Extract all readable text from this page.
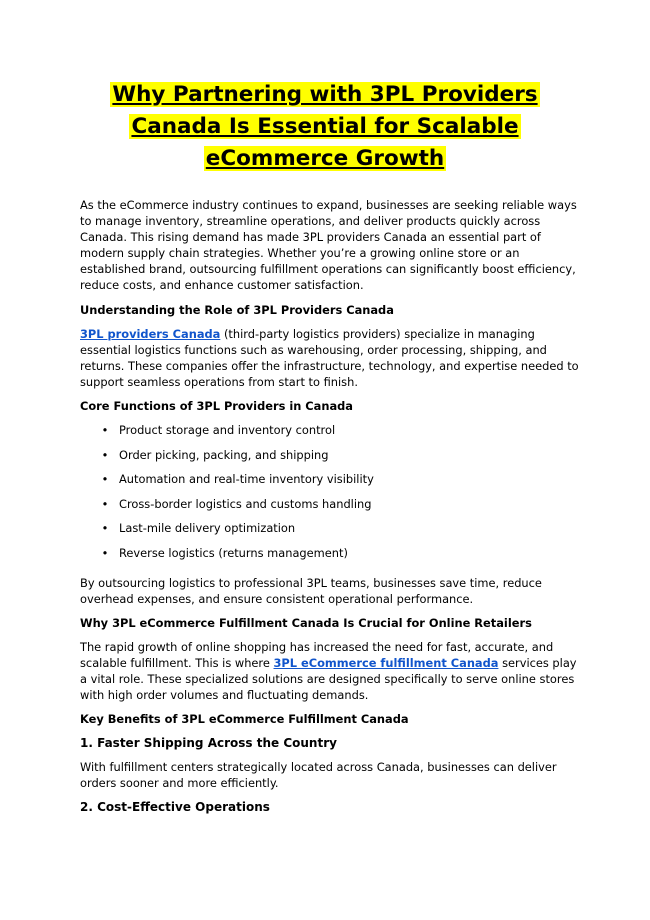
Why Partnering with 3PL Providers
Canada Is Essential for Scalable
eCommerce Growth

As the eCommerce industry continues to expand, businesses are seeking reliable ways to manage inventory, streamline operations, and deliver products quickly across Canada. This rising demand has made 3PL providers Canada an essential part of modern supply chain strategies. Whether you’re a growing online store or an established brand, outsourcing fulfillment operations can significantly boost efficiency, reduce costs, and enhance customer satisfaction.

Understanding the Role of 3PL Providers Canada

3PL providers Canada (third-party logistics providers) specialize in managing essential logistics functions such as warehousing, order processing, shipping, and returns. These companies offer the infrastructure, technology, and expertise needed to support seamless operations from start to finish.

Core Functions of 3PL Providers in Canada
• Product storage and inventory control
• Order picking, packing, and shipping
• Automation and real-time inventory visibility
• Cross-border logistics and customs handling
• Last-mile delivery optimization
• Reverse logistics (returns management)

By outsourcing logistics to professional 3PL teams, businesses save time, reduce overhead expenses, and ensure consistent operational performance.

Why 3PL eCommerce Fulfillment Canada Is Crucial for Online Retailers

The rapid growth of online shopping has increased the need for fast, accurate, and scalable fulfillment. This is where 3PL eCommerce fulfillment Canada services play a vital role. These specialized solutions are designed specifically to serve online stores with high order volumes and fluctuating demands.

Key Benefits of 3PL eCommerce Fulfillment Canada
1. Faster Shipping Across the Country

With fulfillment centers strategically located across Canada, businesses can deliver orders sooner and more efficiently.

2. Cost-Effective Operations
